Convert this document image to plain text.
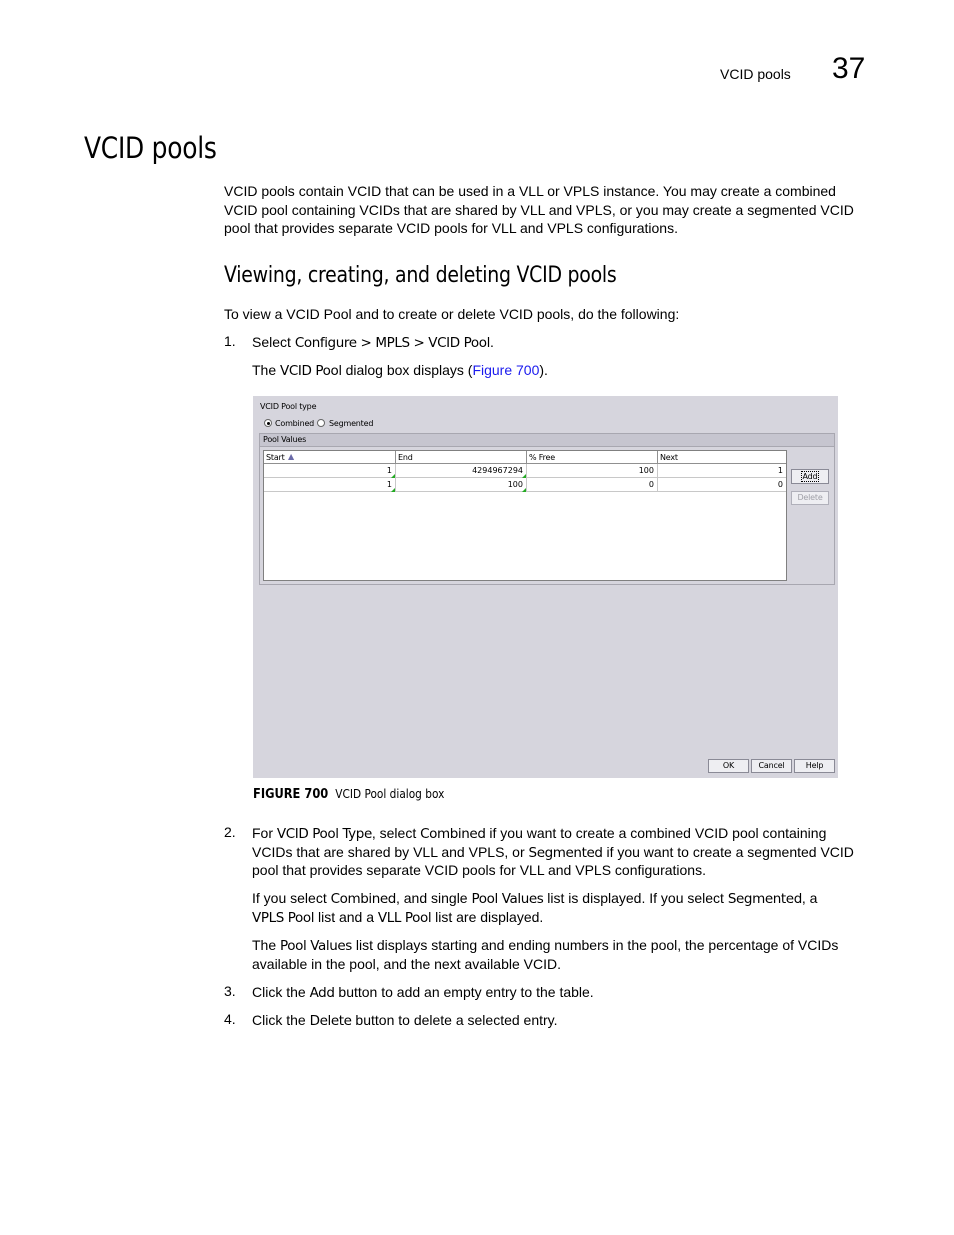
VCID pools 37
VCID pools
VCID pools contain VCID that can be used in a VLL or VPLS instance. You may create a combined
VCID pool containing VCIDs that are shared by VLL and VPLS, or you may create a segmented VCID
pool that provides separate VCID pools for VLL and VPLS configurations.
Viewing, creating, and deleting VCID pools
To view a VCID Pool and to create or delete VCID pools, do the following:
1. Select Configure > MPLS > VCID Pool.
The VCID Pool dialog box displays (Figure 700).
VCID Pool type
Combined Segmented
Pool Values
Start ▲	End	% Free	Next
1	4294967294	100	1
1	100	0	0
Add
Delete
OK	Cancel	Help
FIGURE 700 VCID Pool dialog box
2. For VCID Pool Type, select Combined if you want to create a combined VCID pool containing
VCIDs that are shared by VLL and VPLS, or Segmented if you want to create a segmented VCID
pool that provides separate VCID pools for VLL and VPLS configurations.
If you select Combined, and single Pool Values list is displayed. If you select Segmented, a
VPLS Pool list and a VLL Pool list are displayed.
The Pool Values list displays starting and ending numbers in the pool, the percentage of VCIDs
available in the pool, and the next available VCID.
3. Click the Add button to add an empty entry to the table.
4. Click the Delete button to delete a selected entry.
